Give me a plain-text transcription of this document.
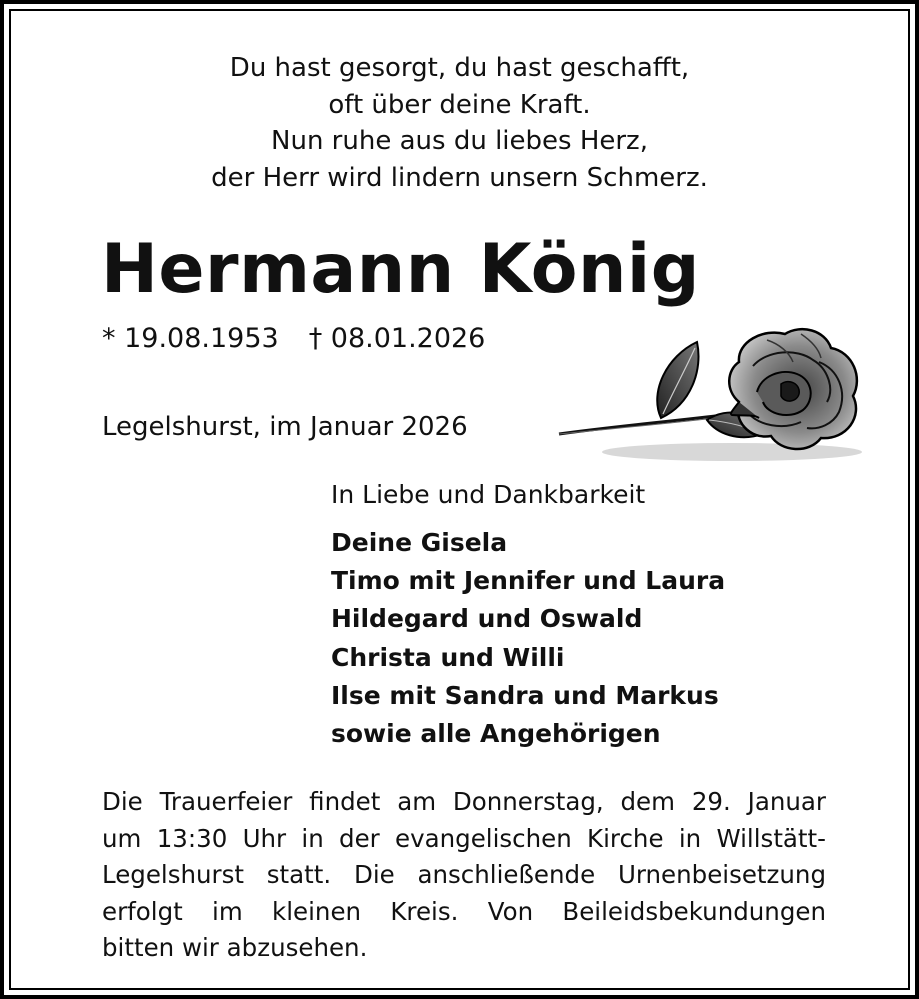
Du hast gesorgt, du hast geschafft,
oft über deine Kraft.
Nun ruhe aus du liebes Herz,
der Herr wird lindern unsern Schmerz.
Hermann König
* 19.08.1953 † 08.01.2026
Legelshurst, im Januar 2026
In Liebe und Dankbarkeit
Deine Gisela
Timo mit Jennifer und Laura
Hildegard und Oswald
Christa und Willi
Ilse mit Sandra und Markus
sowie alle Angehörigen
Die Trauerfeier findet am Donnerstag, dem 29. Januar
um 13:30 Uhr in der evangelischen Kirche in Willstätt-
Legelshurst statt. Die anschließende Urnenbeisetzung
erfolgt im kleinen Kreis. Von Beileidsbekundungen
bitten wir abzusehen.
